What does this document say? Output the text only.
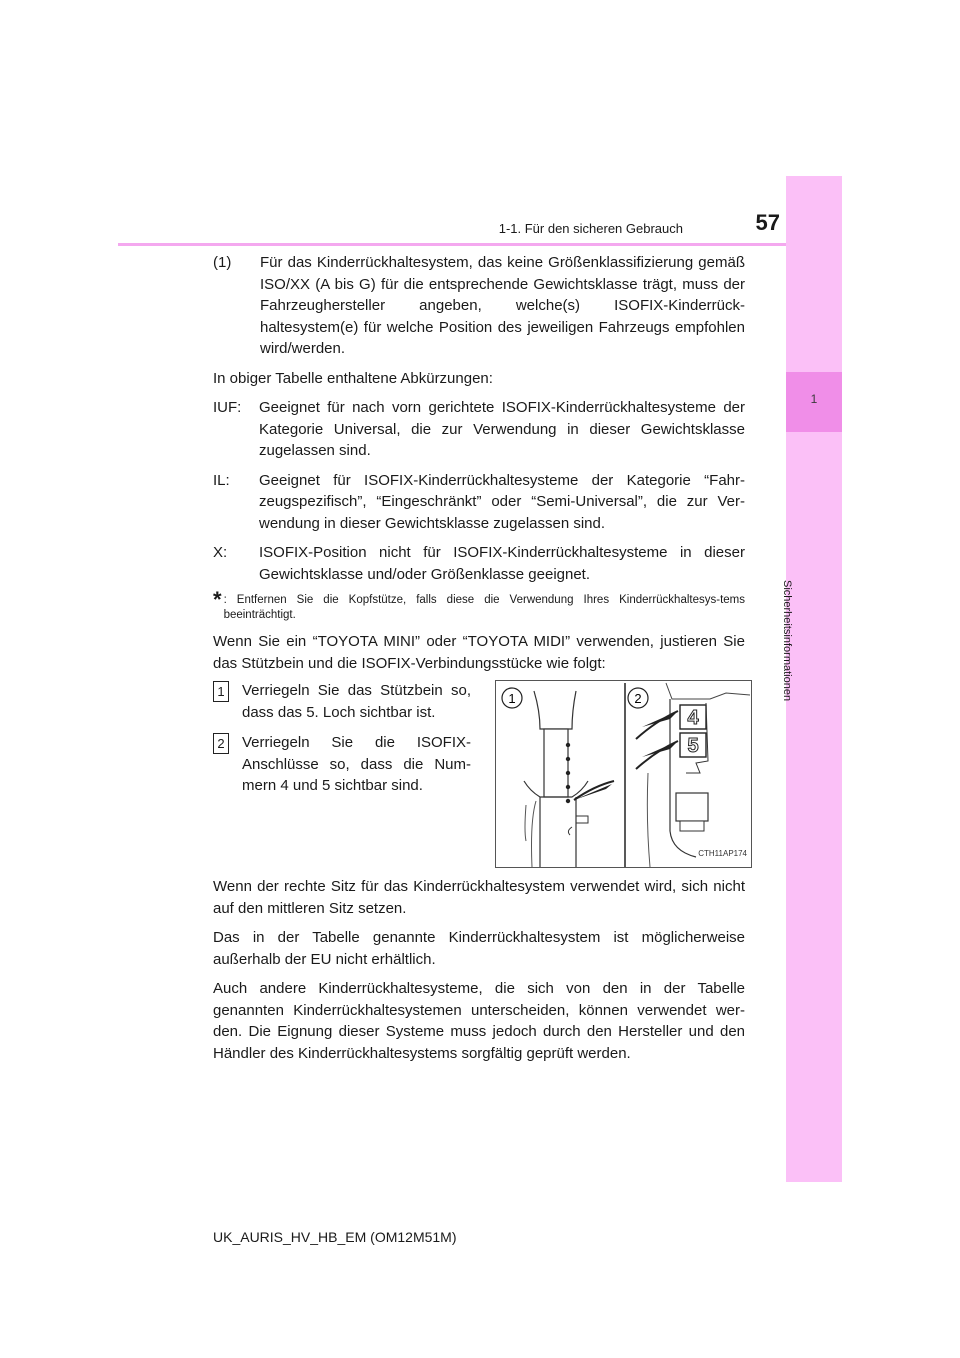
1-1. Für den sicheren Gebrauch	57
1
Sicherheitsinformationen
(1)	Für das Kinderrückhaltesystem, das keine Größenklassifizierung gemäß ISO/XX (A bis G) für die entsprechende Gewichtsklasse trägt, muss der Fahrzeughersteller angeben, welche(s) ISOFIX-Kinderrück-haltesystem(e) für welche Position des jeweiligen Fahrzeugs empfohlen wird/werden.

In obiger Tabelle enthaltene Abkürzungen:

IUF:	Geeignet für nach vorn gerichtete ISOFIX-Kinderrückhaltesysteme der Kategorie Universal, die zur Verwendung in dieser Gewichtsklasse zugelassen sind.
IL:	Geeignet für ISOFIX-Kinderrückhaltesysteme der Kategorie “Fahr-zeugspezifisch”, “Eingeschränkt” oder “Semi-Universal”, die zur Ver-wendung in dieser Gewichtsklasse zugelassen sind.
X:	ISOFIX-Position nicht für ISOFIX-Kinderrückhaltesysteme in dieser Gewichtsklasse und/oder Größenklasse geeignet.
* : Entfernen Sie die Kopfstütze, falls diese die Verwendung Ihres Kinderrückhaltesys-tems beeinträchtigt.

Wenn Sie ein “TOYOTA MINI” oder “TOYOTA MIDI” verwenden, justieren Sie das Stützbein und die ISOFIX-Verbindungsstücke wie folgt:

1 Verriegeln Sie das Stützbein so, dass das 5. Loch sichtbar ist.
2 Verriegeln Sie die ISOFIX-Anschlüsse so, dass die Num-mern 4 und 5 sichtbar sind.
1	2
4
5
CTH11AP174

Wenn der rechte Sitz für das Kinderrückhaltesystem verwendet wird, sich nicht auf den mittleren Sitz setzen.

Das in der Tabelle genannte Kinderrückhaltesystem ist möglicherweise außerhalb der EU nicht erhältlich.

Auch andere Kinderrückhaltesysteme, die sich von den in der Tabelle genannten Kinderrückhaltesystemen unterscheiden, können verwendet wer-den. Die Eignung dieser Systeme muss jedoch durch den Hersteller und den Händler des Kinderrückhaltesystems sorgfältig geprüft werden.

UK_AURIS_HV_HB_EM (OM12M51M)
